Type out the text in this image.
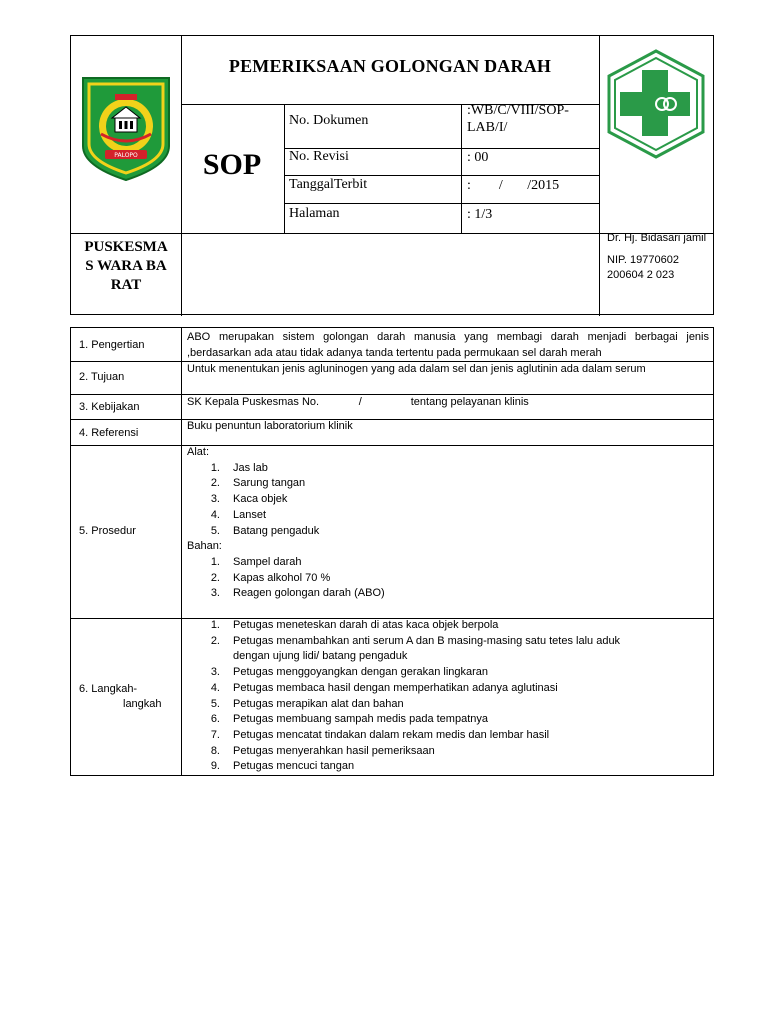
PALOPO
PEMERIKSAAN GOLONGAN DARAH
SOP
No. Dokumen
:WB/C/VIII/SOP-LAB/I/
No. Revisi	: 00
TanggalTerbit	:        /       /2015
Halaman	: 1/3
PUSKESMAS WARA BARAT
Dr. Hj. Bidasari jamil
NIP. 19770602 200604 2 023
1. Pengertian
ABO merupakan sistem golongan darah manusia yang membagi darah menjadi berbagai jenis ,berdasarkan ada atau tidak adanya tanda tertentu pada permukaan sel darah merah
2. Tujuan
Untuk menentukan jenis agluninogen yang ada dalam sel dan jenis aglutinin ada dalam serum
3. Kebijakan	SK Kepala Puskesmas No.             /                tentang pelayanan klinis
4. Referensi
Buku penuntun laboratorium klinik
5. Prosedur
Alat:
1. Jas lab
2. Sarung tangan
3. Kaca objek
4. Lanset
5. Batang pengaduk
Bahan:
1. Sampel darah
2. Kapas alkohol 70 %
3. Reagen golongan darah (ABO)
6. Langkah-
langkah
1. Petugas meneteskan darah di atas kaca objek berpola
2. Petugas menambahkan anti serum A dan B masing-masing satu tetes lalu aduk
dengan ujung lidi/ batang pengaduk
3. Petugas menggoyangkan dengan gerakan lingkaran
4. Petugas membaca hasil dengan memperhatikan adanya aglutinasi
5. Petugas merapikan alat dan bahan
6. Petugas membuang sampah medis pada tempatnya
7. Petugas mencatat tindakan dalam rekam medis dan lembar hasil
8. Petugas menyerahkan hasil pemeriksaan
9. Petugas mencuci tangan
